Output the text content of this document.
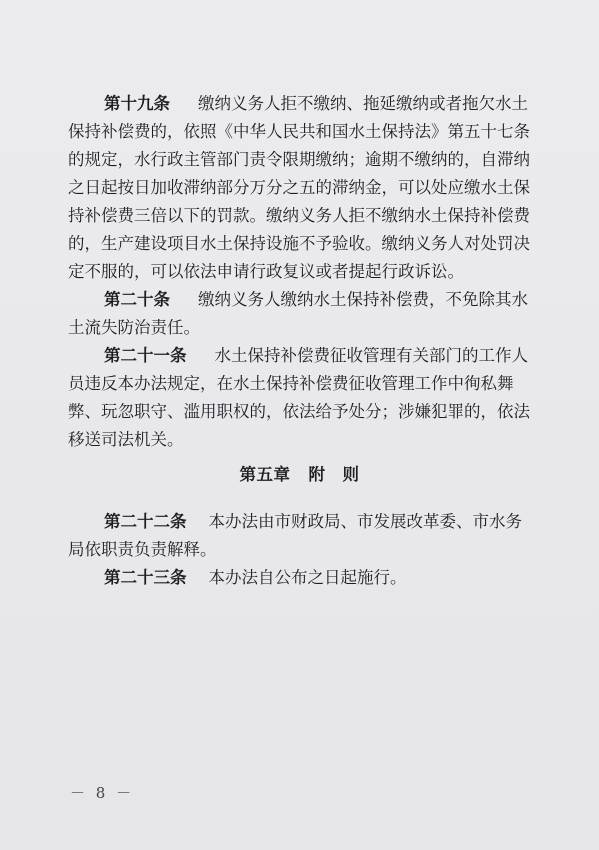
第十九条 缴纳义务人拒不缴纳、拖延缴纳或者拖欠水土
保持补偿费的，依照《中华人民共和国水土保持法》第五十七条
的规定，水行政主管部门责令限期缴纳；逾期不缴纳的，自滞纳
之日起按日加收滞纳部分万分之五的滞纳金，可以处应缴水土保
持补偿费三倍以下的罚款。缴纳义务人拒不缴纳水土保持补偿费
的，生产建设项目水土保持设施不予验收。缴纳义务人对处罚决
定不服的，可以依法申请行政复议或者提起行政诉讼。
第二十条 缴纳义务人缴纳水土保持补偿费，不免除其水
土流失防治责任。
第二十一条 水土保持补偿费征收管理有关部门的工作人
员违反本办法规定，在水土保持补偿费征收管理工作中徇私舞
弊、玩忽职守、滥用职权的，依法给予处分；涉嫌犯罪的，依法
移送司法机关。
第五章 附　则
第二十二条 本办法由市财政局、市发展改革委、市水务
局依职责负责解释。
第二十三条 本办法自公布之日起施行。
－ 8 －
